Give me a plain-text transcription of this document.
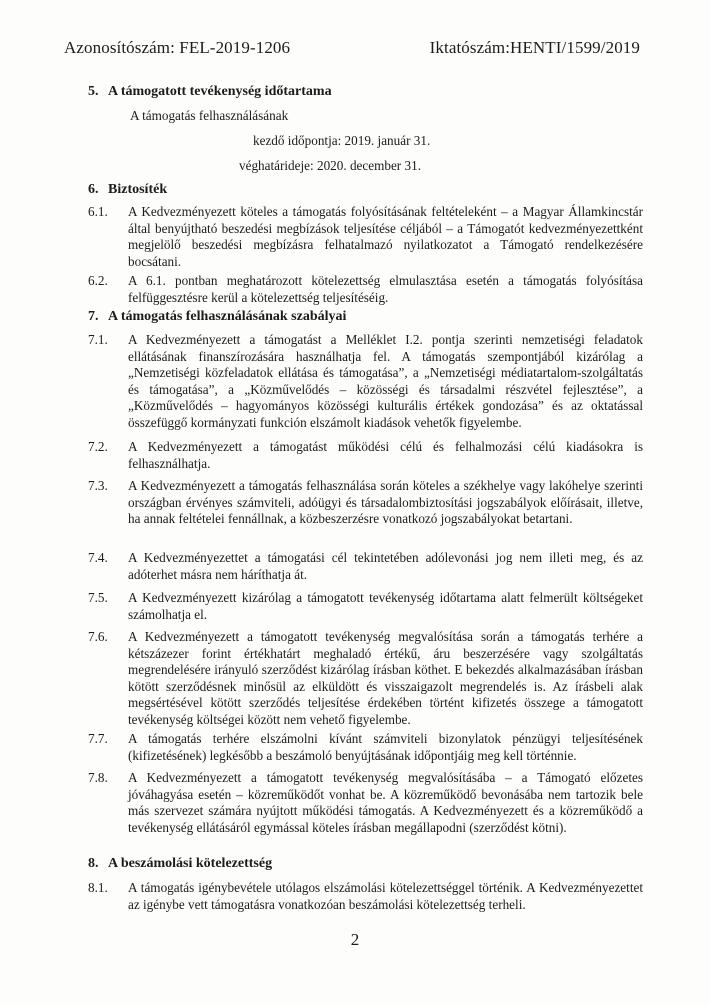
Azonosítószám: FEL-2019-1206	Iktatószám:HENTI/1599/2019
5. A támogatott tevékenység időtartama
A támogatás felhasználásának
kezdő időpontja: 2019. január 31.
véghatárideje: 2020. december 31.
6. Biztosíték
6.1.	A Kedvezményezett köteles a támogatás folyósításának feltételeként – a Magyar Államkincstár által benyújtható beszedési megbízások teljesítése céljából – a Támogatót kedvezményezettként megjelölő beszedési megbízásra felhatalmazó nyilatkozatot a Támogató rendelkezésére bocsátani.
6.2.	A 6.1. pontban meghatározott kötelezettség elmulasztása esetén a támogatás folyósítása felfüggesztésre kerül a kötelezettség teljesítéséig.
7. A támogatás felhasználásának szabályai
7.1.	A Kedvezményezett a támogatást a Melléklet I.2. pontja szerinti nemzetiségi feladatok ellátásának finanszírozására használhatja fel. A támogatás szempontjából kizárólag a „Nemzetiségi közfeladatok ellátása és támogatása”, a „Nemzetiségi médiatartalom-szolgáltatás és támogatása”, a „Közművelődés – közösségi és társadalmi részvétel fejlesztése”, a „Közművelődés – hagyományos közösségi kulturális értékek gondozása” és az oktatással összefüggő kormányzati funkción elszámolt kiadások vehetők figyelembe.
7.2.	A Kedvezményezett a támogatást működési célú és felhalmozási célú kiadásokra is felhasználhatja.
7.3.	A Kedvezményezett a támogatás felhasználása során köteles a székhelye vagy lakóhelye szerinti országban érvényes számviteli, adóügyi és társadalombiztosítási jogszabályok előírásait, illetve, ha annak feltételei fennállnak, a közbeszerzésre vonatkozó jogszabályokat betartani.
7.4.	A Kedvezményezettet a támogatási cél tekintetében adólevonási jog nem illeti meg, és az adóterhet másra nem háríthatja át.
7.5.	A Kedvezményezett kizárólag a támogatott tevékenység időtartama alatt felmerült költségeket számolhatja el.
7.6.	A Kedvezményezett a támogatott tevékenység megvalósítása során a támogatás terhére a kétszázezer forint értékhatárt meghaladó értékű, áru beszerzésére vagy szolgáltatás megrendelésére irányuló szerződést kizárólag írásban köthet. E bekezdés alkalmazásában írásban kötött szerződésnek minősül az elküldött és visszaigazolt megrendelés is. Az írásbeli alak megsértésével kötött szerződés teljesítése érdekében történt kifizetés összege a támogatott tevékenység költségei között nem vehető figyelembe.
7.7.	A támogatás terhére elszámolni kívánt számviteli bizonylatok pénzügyi teljesítésének (kifizetésének) legkésőbb a beszámoló benyújtásának időpontjáig meg kell történnie.
7.8.	A Kedvezményezett a támogatott tevékenység megvalósításába – a Támogató előzetes jóváhagyása esetén – közreműködőt vonhat be. A közreműködő bevonásába nem tartozik bele más szervezet számára nyújtott működési támogatás. A Kedvezményezett és a közreműködő a tevékenység ellátásáról egymással köteles írásban megállapodni (szerződést kötni).
8. A beszámolási kötelezettség
8.1.	A támogatás igénybevétele utólagos elszámolási kötelezettséggel történik. A Kedvezményezettet az igénybe vett támogatásra vonatkozóan beszámolási kötelezettség terheli.
2
